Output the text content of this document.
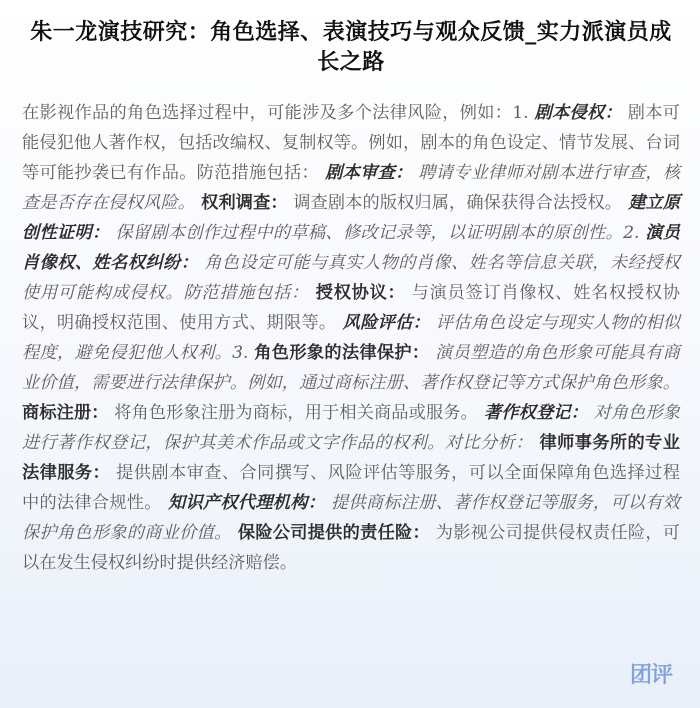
朱一龙演技研究：角色选择、表演技巧与观众反馈_实力派演员成长之路

在影视作品的角色选择过程中，可能涉及多个法律风险，例如：1. 剧本侵权： 剧本可能侵犯他人著作权，包括改编权、复制权等。例如，剧本的角色设定、情节发展、台词等可能抄袭已有作品。防范措施包括： 剧本审查： 聘请专业律师对剧本进行审查，核查是否存在侵权风险。 权利调查： 调查剧本的版权归属，确保获得合法授权。 建立原创性证明： 保留剧本创作过程中的草稿、修改记录等，以证明剧本的原创性。2. 演员肖像权、姓名权纠纷： 角色设定可能与真实人物的肖像、姓名等信息关联，未经授权使用可能构成侵权。防范措施包括： 授权协议： 与演员签订肖像权、姓名权授权协议，明确授权范围、使用方式、期限等。 风险评估： 评估角色设定与现实人物的相似程度，避免侵犯他人权利。3. 角色形象的法律保护： 演员塑造的角色形象可能具有商业价值，需要进行法律保护。例如，通过商标注册、著作权登记等方式保护角色形象。 商标注册： 将角色形象注册为商标，用于相关商品或服务。 著作权登记： 对角色形象进行著作权登记，保护其美术作品或文字作品的权利。对比分析： 律师事务所的专业法律服务： 提供剧本审查、合同撰写、风险评估等服务，可以全面保障角色选择过程中的法律合规性。 知识产权代理机构： 提供商标注册、著作权登记等服务，可以有效保护角色形象的商业价值。 保险公司提供的责任险： 为影视公司提供侵权责任险，可以在发生侵权纠纷时提供经济赔偿。

团评
